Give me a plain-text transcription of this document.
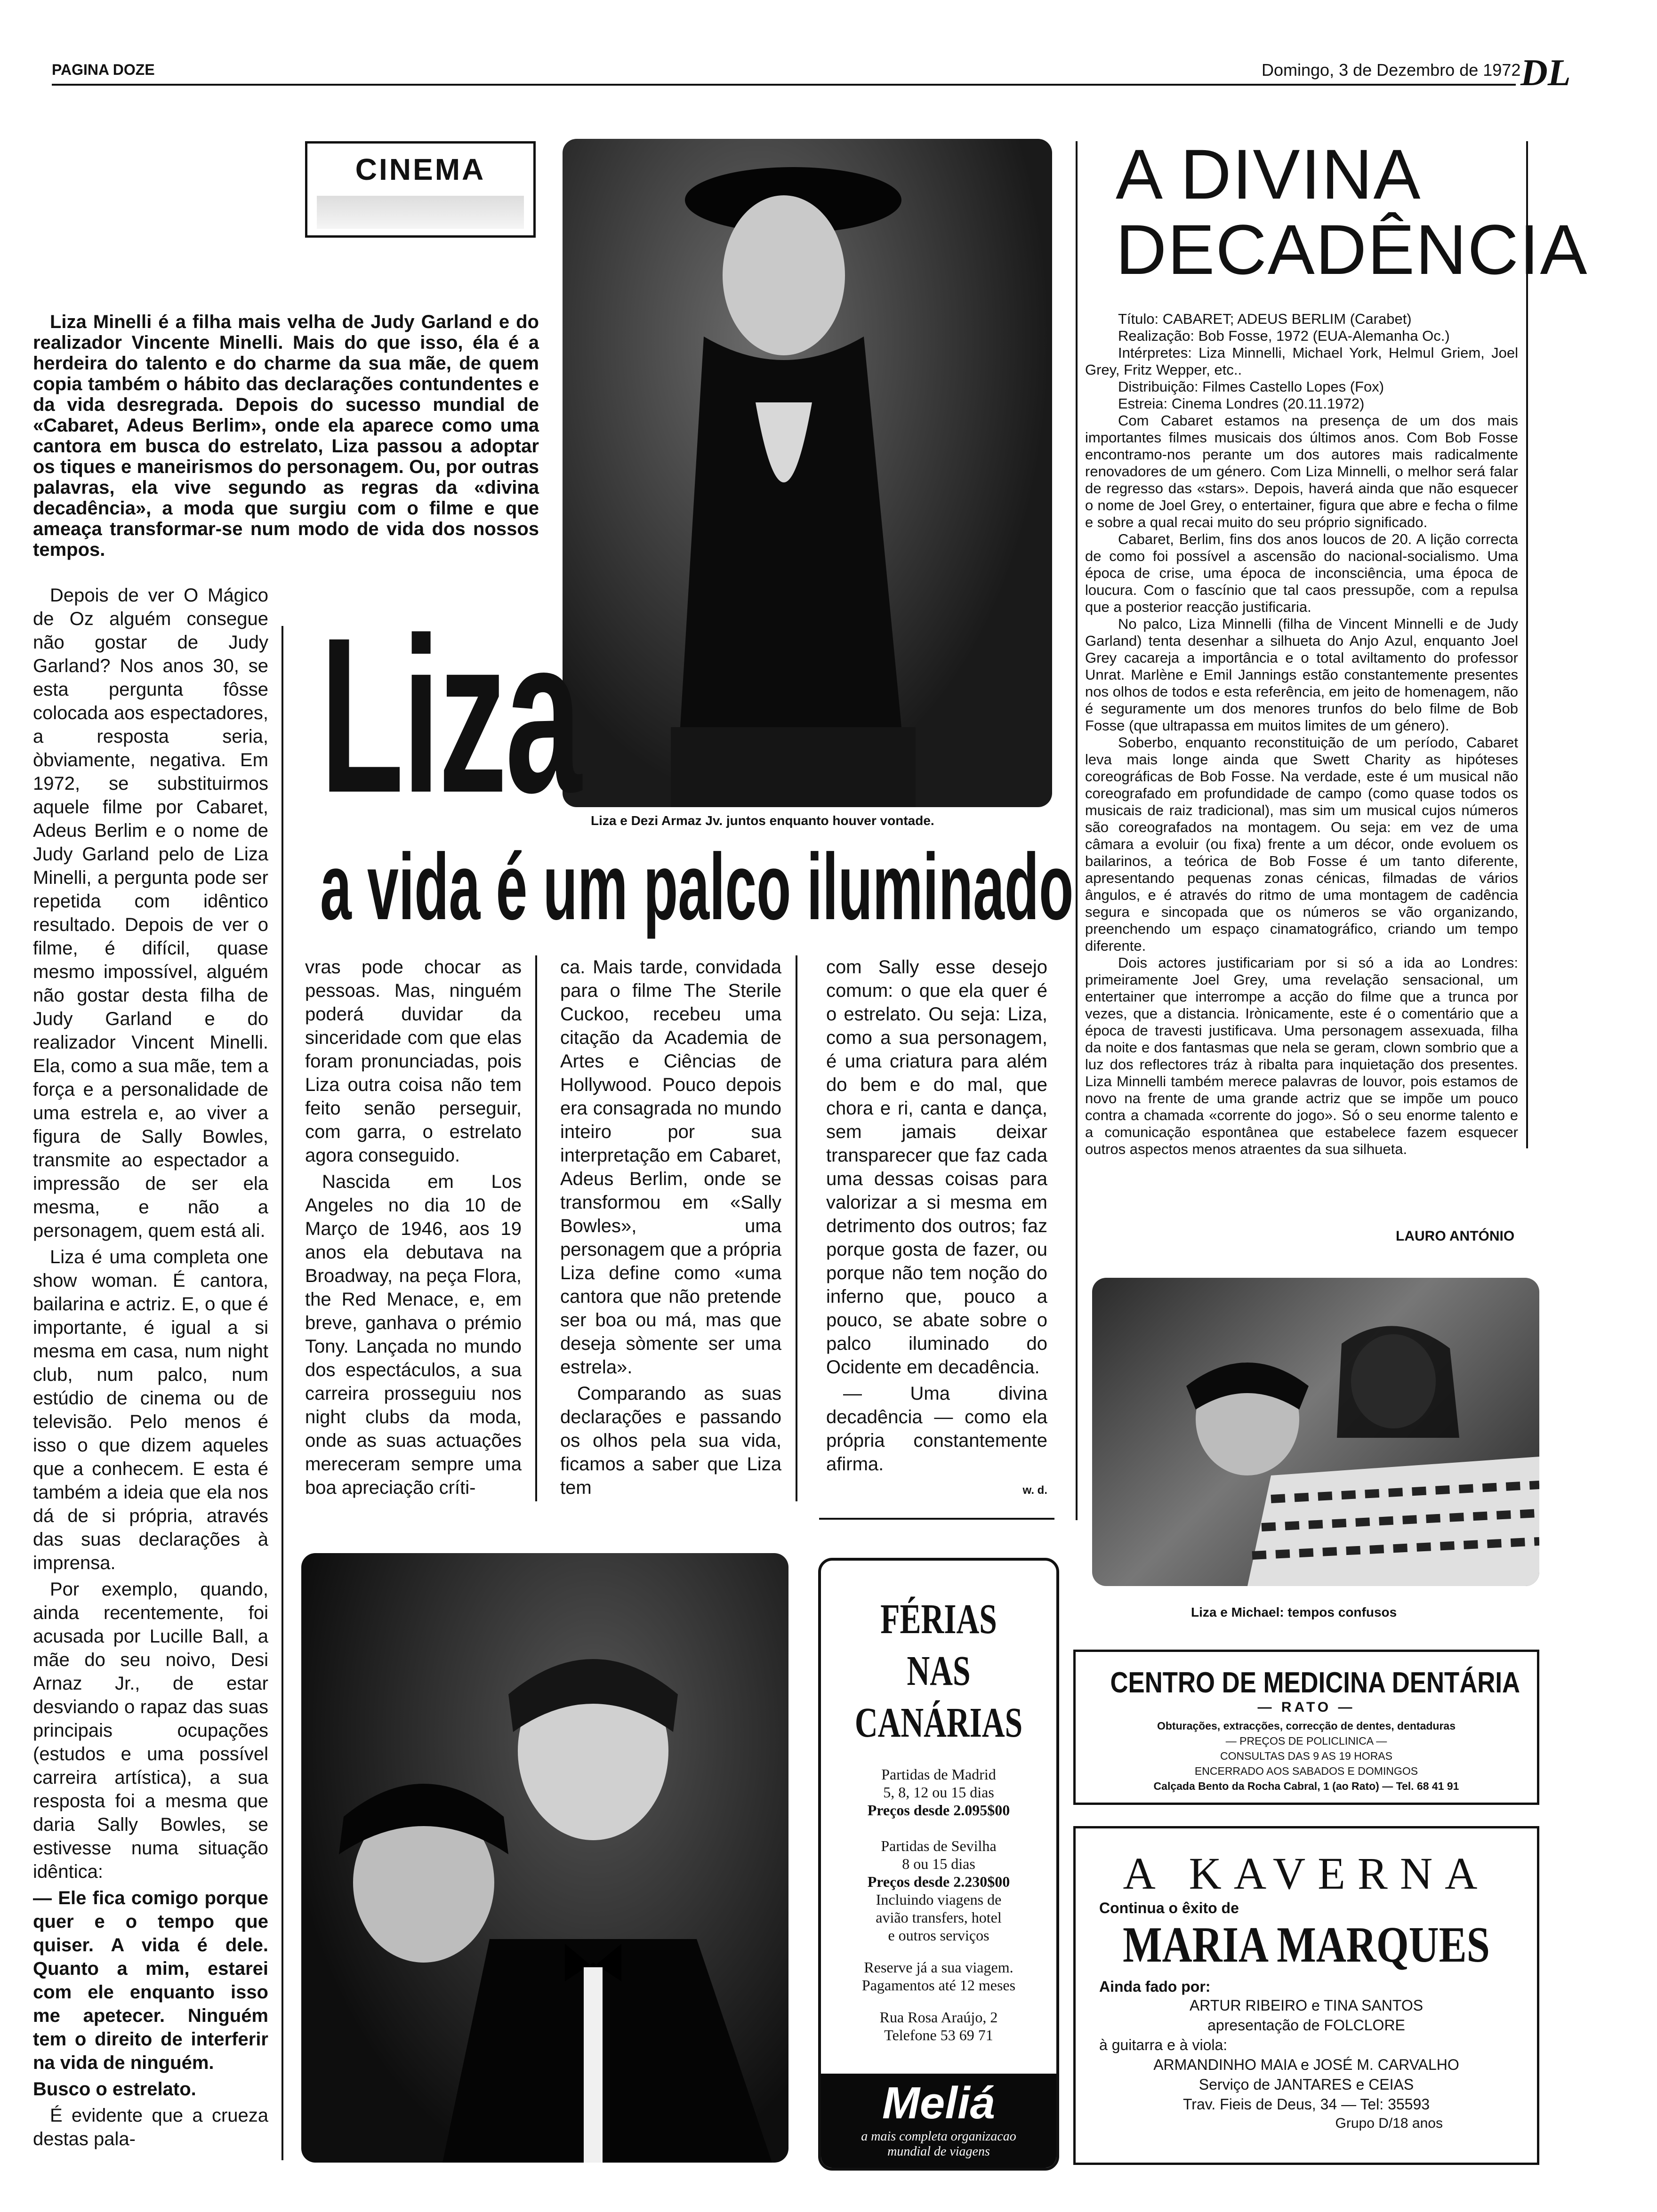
PAGINA DOZE	Domingo, 3 de Dezembro de 1972 DL
CINEMA

Liza Minelli é a filha mais velha de Judy Garland e do realizador Vincente Minelli. Mais do que isso, éla é a herdeira do talento e do charme da sua mãe, de quem copia também o hábito das declarações contundentes e da vida desregrada. Depois do sucesso mundial de «Cabaret, Adeus Berlim», onde ela aparece como uma cantora em busca do estrelato, Liza passou a adoptar os tiques e maneirismos do personagem. Ou, por outras palavras, ela vive segundo as regras da «divina decadência», a moda que surgiu com o filme e que ameaça transformar-se num modo de vida dos nossos tempos.

Liza e Dezi Armaz Jv. juntos enquanto houver vontade.
Liza
a vida é um palco iluminado

Depois de ver O Mágico de Oz alguém consegue não gostar de Judy Garland? Nos anos 30, se esta pergunta fôsse colocada aos espectadores, a resposta seria, òbviamente, negativa. Em 1972, se substituirmos aquele filme por Cabaret, Adeus Berlim e o nome de Judy Garland pelo de Liza Minelli, a pergunta pode ser repetida com idêntico resultado. Depois de ver o filme, é difícil, quase mesmo impossível, alguém não gostar desta filha de Judy Garland e do realizador Vincent Minelli. Ela, como a sua mãe, tem a força e a personalidade de uma estrela e, ao viver a figura de Sally Bowles, transmite ao espectador a impressão de ser ela mesma, e não a personagem, quem está ali.

Liza é uma completa one show woman. É cantora, bailarina e actriz. E, o que é importante, é igual a si mesma em casa, num night club, num palco, num estúdio de cinema ou de televisão. Pelo menos é isso o que dizem aqueles que a conhecem. E esta é também a ideia que ela nos dá de si própria, através das suas declarações à imprensa.

Por exemplo, quando, ainda recentemente, foi acusada por Lucille Ball, a mãe do seu noivo, Desi Arnaz Jr., de estar desviando o rapaz das suas principais ocupações (estudos e uma possível carreira artística), a sua resposta foi a mesma que daria Sally Bowles, se estivesse numa situação idêntica:

— Ele fica comigo porque quer e o tempo que quiser. A vida é dele. Quanto a mim, estarei com ele enquanto isso me apetecer. Ninguém tem o direito de interferir na vida de ninguém.

Busco o estrelato.

É evidente que a crueza destas pala-

vras pode chocar as pessoas. Mas, ninguém poderá duvidar da sinceridade com que elas foram pronunciadas, pois Liza outra coisa não tem feito senão perseguir, com garra, o estrelato agora conseguido.

Nascida em Los Angeles no dia 10 de Março de 1946, aos 19 anos ela debutava na Broadway, na peça Flora, the Red Menace, e, em breve, ganhava o prémio Tony. Lançada no mundo dos espectáculos, a sua carreira prosseguiu nos night clubs da moda, onde as suas actuações mereceram sempre uma boa apreciação críti-

ca. Mais tarde, convidada para o filme The Sterile Cuckoo, recebeu uma citação da Academia de Artes e Ciências de Hollywood. Pouco depois era consagrada no mundo inteiro por sua interpretação em Cabaret, Adeus Berlim, onde se transformou em «Sally Bowles», uma personagem que a própria Liza define como «uma cantora que não pretende ser boa ou má, mas que deseja sòmente ser uma estrela».

Comparando as suas declarações e passando os olhos pela sua vida, ficamos a saber que Liza tem

com Sally esse desejo comum: o que ela quer é o estrelato. Ou seja: Liza, como a sua personagem, é uma criatura para além do bem e do mal, que chora e ri, canta e dança, sem jamais deixar transparecer que faz cada uma dessas coisas para valorizar a si mesma em detrimento dos outros; faz porque gosta de fazer, ou porque não tem noção do inferno que, pouco a pouco, se abate sobre o palco iluminado do Ocidente em decadência.

— Uma divina decadência — como ela própria constantemente afirma.

w. d.
A DIVINA
DECADÊNCIA
Título: CABARET; ADEUS BERLIM (Carabet)
Realização: Bob Fosse, 1972 (EUA-Alemanha Oc.)
Intérpretes: Liza Minnelli, Michael York, Helmul Griem, Joel Grey, Fritz Wepper, etc..
Distribuição: Filmes Castello Lopes (Fox)
Estreia: Cinema Londres (20.11.1972)

Com Cabaret estamos na presença de um dos mais importantes filmes musicais dos últimos anos. Com Bob Fosse encontramo-nos perante um dos autores mais radicalmente renovadores de um género. Com Liza Minnelli, o melhor será falar de regresso das «stars». Depois, haverá ainda que não esquecer o nome de Joel Grey, o entertainer, figura que abre e fecha o filme e sobre a qual recai muito do seu próprio significado.

Cabaret, Berlim, fins dos anos loucos de 20. A lição correcta de como foi possível a ascensão do nacional-socialismo. Uma época de crise, uma época de inconsciência, uma época de loucura. Com o fascínio que tal caos pressupõe, com a repulsa que a posterior reacção justificaria.

No palco, Liza Minnelli (filha de Vincent Minnelli e de Judy Garland) tenta desenhar a silhueta do Anjo Azul, enquanto Joel Grey cacareja a importância e o total aviltamento do professor Unrat. Marlène e Emil Jannings estão constantemente presentes nos olhos de todos e esta referência, em jeito de homenagem, não é seguramente um dos menores trunfos do belo filme de Bob Fosse (que ultrapassa em muitos limites de um género).

Soberbo, enquanto reconstituição de um período, Cabaret leva mais longe ainda que Swett Charity as hipóteses coreográficas de Bob Fosse. Na verdade, este é um musical não coreografado em profundidade de campo (como quase todos os musicais de raiz tradicional), mas sim um musical cujos números são coreografados na montagem. Ou seja: em vez de uma câmara a evoluir (ou fixa) frente a um décor, onde evoluem os bailarinos, a teórica de Bob Fosse é um tanto diferente, apresentando pequenas zonas cénicas, filmadas de vários ângulos, e é através do ritmo de uma montagem de cadência segura e sincopada que os números se vão organizando, preenchendo um espaço cinamatográfico, criando um tempo diferente.

Dois actores justificariam por si só a ida ao Londres: primeiramente Joel Grey, uma revelação sensacional, um entertainer que interrompe a acção do filme que a trunca por vezes, que a distancia. Irònicamente, este é o comentário que a época de travesti justificava. Uma personagem assexuada, filha da noite e dos fantasmas que nela se geram, clown sombrio que a luz dos reflectores tráz à ribalta para inquietação dos presentes. Liza Minnelli também merece palavras de louvor, pois estamos de novo na frente de uma grande actriz que se impõe um pouco contra a chamada «corrente do jogo». Só o seu enorme talento e a comunicação espontânea que estabelece fazem esquecer outros aspectos menos atraentes da sua silhueta.

LAURO ANTÓNIO
Liza e Michael: tempos confusos
FÉRIAS NAS
CANÁRIAS
Partidas de Madrid
5, 8, 12 ou 15 dias
Preços desde 2.095$00
Partidas de Sevilha
8 ou 15 dias
Preços desde 2.230$00
Incluindo viagens de
avião transfers, hotel
e outros serviços
Reserve já a sua viagem.
Pagamentos até 12 meses
Rua Rosa Araújo, 2
Telefone 53 69 71
Meliá
a mais completa organizacao
mundial de viagens
CENTRO DE MEDICINA DENTÁRIA
— RATO —
Obturações, extracções, correcção de dentes, dentaduras
— PREÇOS DE POLICLINICA —
CONSULTAS DAS 9 AS 19 HORAS
ENCERRADO AOS SABADOS E DOMINGOS
Calçada Bento da Rocha Cabral, 1 (ao Rato) — Tel. 68 41 91
A KAVERNA
Continua o êxito de
MARIA MARQUES
Ainda fado por:
ARTUR RIBEIRO e TINA SANTOS
apresentação de FOLCLORE
à guitarra e à viola:
ARMANDINHO MAIA e JOSÉ M. CARVALHO
Serviço de JANTARES e CEIAS
Trav. Fieis de Deus, 34 — Tel: 35593
Grupo D/18 anos
